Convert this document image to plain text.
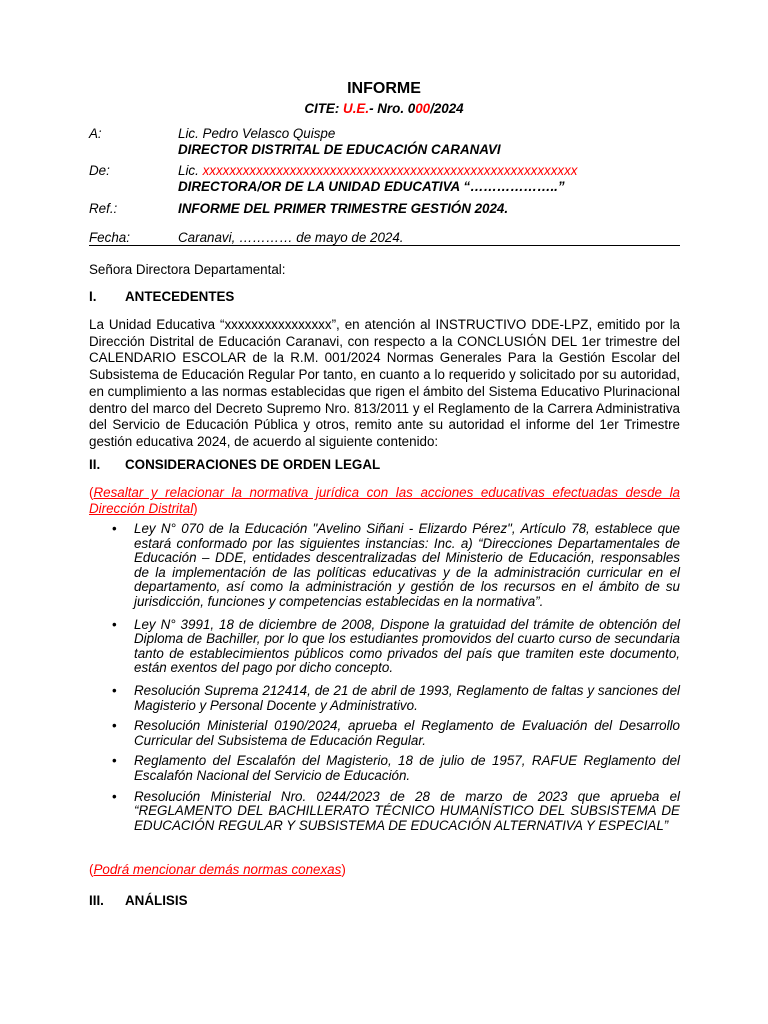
INFORME
CITE: U.E.- Nro. 000/2024
A:	Lic. Pedro Velasco Quispe
DIRECTOR DISTRITAL DE EDUCACIÓN CARANAVI
De:	Lic. xxxxxxxxxxxxxxxxxxxxxxxxxxxxxxxxxxxxxxxxxxxxxxxxxxxxxxxx
DIRECTORA/OR DE LA UNIDAD EDUCATIVA “………………..”
Ref.:	INFORME DEL PRIMER TRIMESTRE GESTIÓN 2024.
Fecha:	Caranavi, ………… de mayo de 2024.
Señora Directora Departamental:
I. ANTECEDENTES
La Unidad Educativa “xxxxxxxxxxxxxxxx”, en atención al INSTRUCTIVO DDE-LPZ, emitido por la Dirección Distrital de Educación Caranavi, con respecto a la CONCLUSIÓN DEL 1er trimestre del CALENDARIO ESCOLAR de la R.M. 001/2024 Normas Generales Para la Gestión Escolar del Subsistema de Educación Regular Por tanto, en cuanto a lo requerido y solicitado por su autoridad, en cumplimiento a las normas establecidas que rigen el ámbito del Sistema Educativo Plurinacional dentro del marco del Decreto Supremo Nro. 813/2011 y el Reglamento de la Carrera Administrativa del Servicio de Educación Pública y otros, remito ante su autoridad el informe del 1er Trimestre gestión educativa 2024, de acuerdo al siguiente contenido:
II. CONSIDERACIONES DE ORDEN LEGAL
(Resaltar y relacionar la normativa jurídica con las acciones educativas efectuadas desde la Dirección Distrital)
• Ley N° 070 de la Educación "Avelino Siñani - Elizardo Pérez", Artículo 78, establece que estará conformado por las siguientes instancias: Inc. a) “Direcciones Departamentales de Educación – DDE, entidades descentralizadas del Ministerio de Educación, responsables de la implementación de las políticas educativas y de la administración curricular en el departamento, así como la administración y gestión de los recursos en el ámbito de su jurisdicción, funciones y competencias establecidas en la normativa”.
• Ley N° 3991, 18 de diciembre de 2008, Dispone la gratuidad del trámite de obtención del Diploma de Bachiller, por lo que los estudiantes promovidos del cuarto curso de secundaria tanto de establecimientos públicos como privados del país que tramiten este documento, están exentos del pago por dicho concepto.
• Resolución Suprema 212414, de 21 de abril de 1993, Reglamento de faltas y sanciones del Magisterio y Personal Docente y Administrativo.
• Resolución Ministerial 0190/2024, aprueba el Reglamento de Evaluación del Desarrollo Curricular del Subsistema de Educación Regular.
• Reglamento del Escalafón del Magisterio, 18 de julio de 1957, RAFUE Reglamento del Escalafón Nacional del Servicio de Educación.
• Resolución Ministerial Nro. 0244/2023 de 28 de marzo de 2023 que aprueba el “REGLAMENTO DEL BACHILLERATO TÉCNICO HUMANÍSTICO DEL SUBSISTEMA DE EDUCACIÓN REGULAR Y SUBSISTEMA DE EDUCACIÓN ALTERNATIVA Y ESPECIAL”
(Podrá mencionar demás normas conexas)
III. ANÁLISIS
